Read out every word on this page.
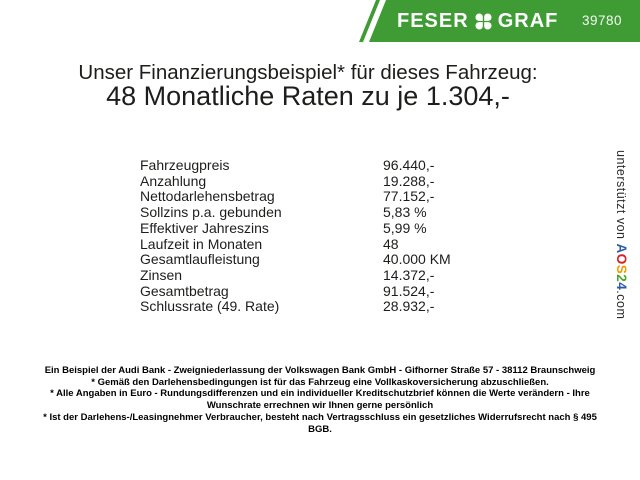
FESER GRAF 39780
Unser Finanzierungsbeispiel* für dieses Fahrzeug:
48 Monatliche Raten zu je 1.304,-
Fahrzeugpreis	96.440,-
Anzahlung	19.288,-
Nettodarlehensbetrag	77.152,-
Sollzins p.a. gebunden	5,83 %
Effektiver Jahreszins	5,99 %
Laufzeit in Monaten	48
Gesamtlaufleistung	40.000 KM
Zinsen	14.372,-
Gesamtbetrag	91.524,-
Schlussrate (49. Rate)	28.932,-

Ein Beispiel der Audi Bank - Zweigniederlassung der Volkswagen Bank GmbH - Gifhorner Straße 57 - 38112 Braunschweig

* Gemäß den Darlehensbedingungen ist für das Fahrzeug eine Vollkaskoversicherung abzuschließen.

* Alle Angaben in Euro - Rundungsdifferenzen und ein individueller Kreditschutzbrief können die Werte verändern - Ihre Wunschrate errechnen wir Ihnen gerne persönlich

* Ist der Darlehens-/Leasingnehmer Verbraucher, besteht nach Vertragsschluss ein gesetzliches Widerrufsrecht nach § 495 BGB.

unterstützt von AOS24.com
